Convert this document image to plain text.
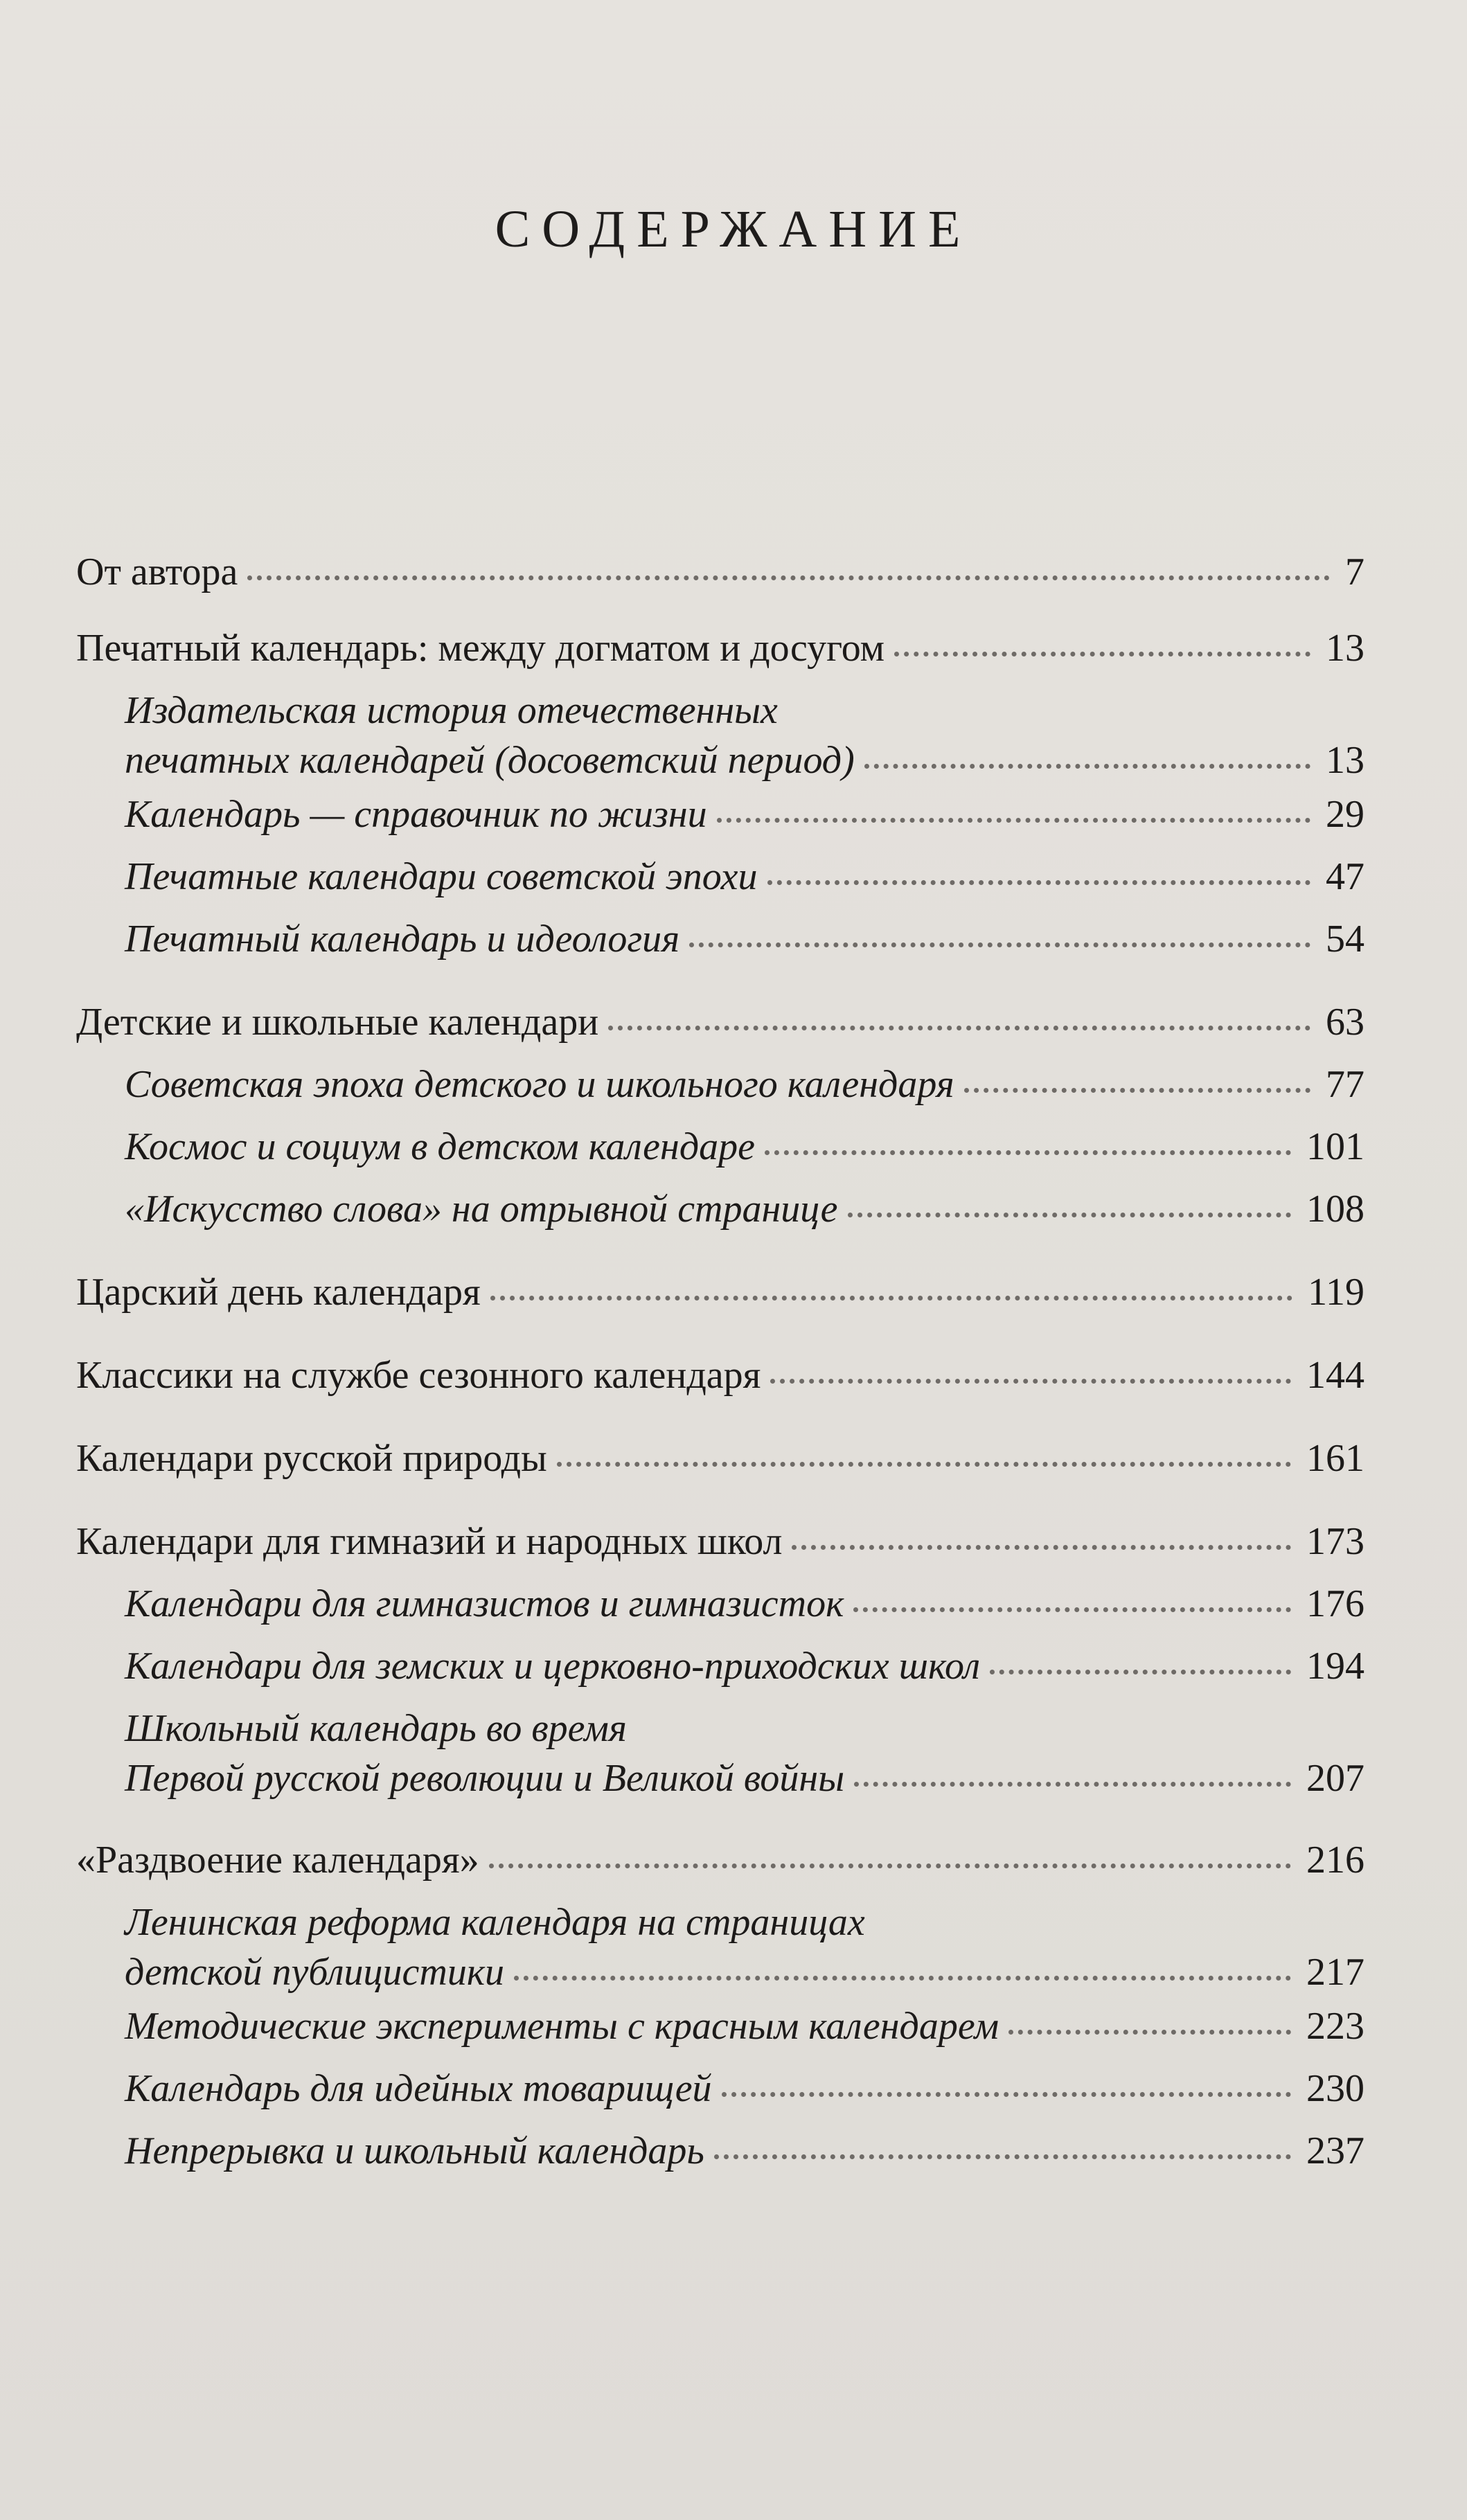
СОДЕРЖАНИЕ
От автора	7
Печатный календарь: между догматом и досугом	13
Издательская история отечественных
печатных календарей (досоветский период)	13
Календарь — справочник по жизни	29
Печатные календари советской эпохи	47
Печатный календарь и идеология	54
Детские и школьные календари	63
Советская эпоха детского и школьного календаря	77
Космос и социум в детском календаре	101
«Искусство слова» на отрывной странице	108
Царский день календаря	119
Классики на службе сезонного календаря	144
Календари русской природы	161
Календари для гимназий и народных школ	173
Календари для гимназистов и гимназисток	176
Календари для земских и церковно-приходских школ	194
Школьный календарь во время
Первой русской революции и Великой войны	207
«Раздвоение календаря»	216
Ленинская реформа календаря на страницах
детской публицистики	217
Методические эксперименты с красным календарем	223
Календарь для идейных товарищей	230
Непрерывка и школьный календарь	237
